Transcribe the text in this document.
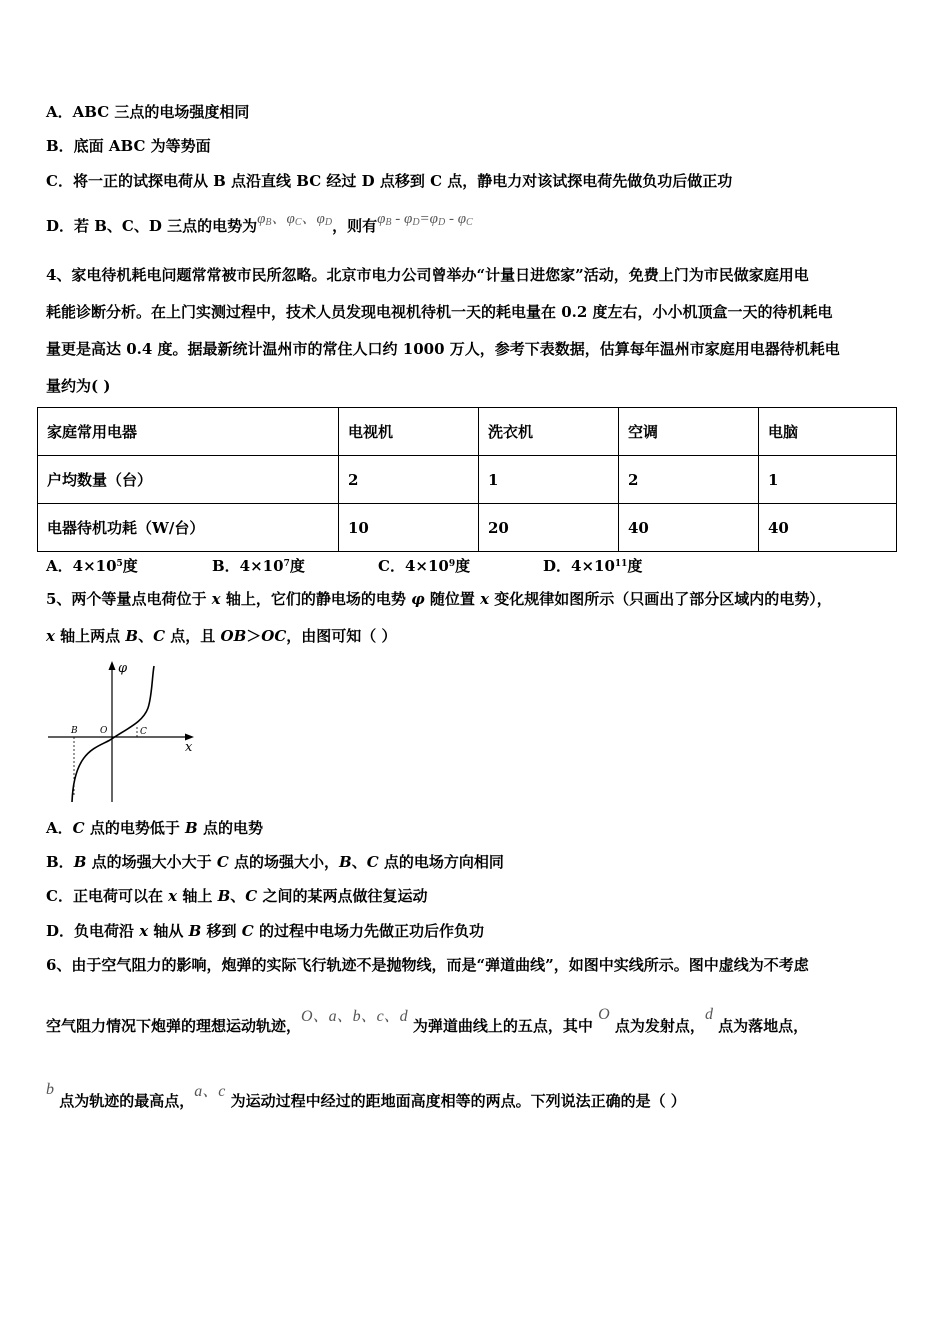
A．ABC 三点的电场强度相同
B．底面 ABC 为等势面
C．将一正的试探电荷从 B 点沿直线 BC 经过 D 点移到 C 点，静电力对该试探电荷先做负功后做正功
D．若 B、C、D 三点的电势为$\varphi_B$、$\varphi_C$、$\varphi_D$，则有$\varphi_B - \varphi_D=\varphi_D - \varphi_C$
4、家电待机耗电问题常常被市民所忽略。北京市电力公司曾举办“计量日进您家”活动，免费上门为市民做家庭用电
耗能诊断分析。在上门实测过程中，技术人员发现电视机待机一天的耗电量在 0.2 度左右，小小机顶盒一天的待机耗电
量更是高达 0.4 度。据最新统计温州市的常住人口约 1000 万人，参考下表数据，估算每年温州市家庭用电器待机耗电
量约为( )
家庭常用电器	电视机	洗衣机	空调	电脑
户均数量（台）	2	1	2	1
电器待机功耗（W/台）	10	20	40	40
A．$4\times 10^5$度	B．$4\times 10^7$度	C．$4\times 10^9$度	D．$4\times 10^{11}$度
5、两个等量点电荷位于 x 轴上，它们的静电场的电势 φ 随位置 x 变化规律如图所示（只画出了部分区域内的电势），
x 轴上两点 B、C 点，且 OB＞OC，由图可知（ ）
φ
x
B O	C
A．C 点的电势低于 B 点的电势
B．B 点的场强大小大于 C 点的场强大小，B、C 点的电场方向相同
C．正电荷可以在 x 轴上 B、C 之间的某两点做往复运动
D．负电荷沿 x 轴从 B 移到 C 的过程中电场力先做正功后作负功
6、由于空气阻力的影响，炮弹的实际飞行轨迹不是抛物线，而是“弹道曲线”，如图中实线所示。图中虚线为不考虑
空气阻力情况下炮弹的理想运动轨迹，O、a、b、c、d 为弹道曲线上的五点，其中 O 点为发射点，d 点为落地点，
b 点为轨迹的最高点，a、c 为运动过程中经过的距地面高度相等的两点。下列说法正确的是（ ）
